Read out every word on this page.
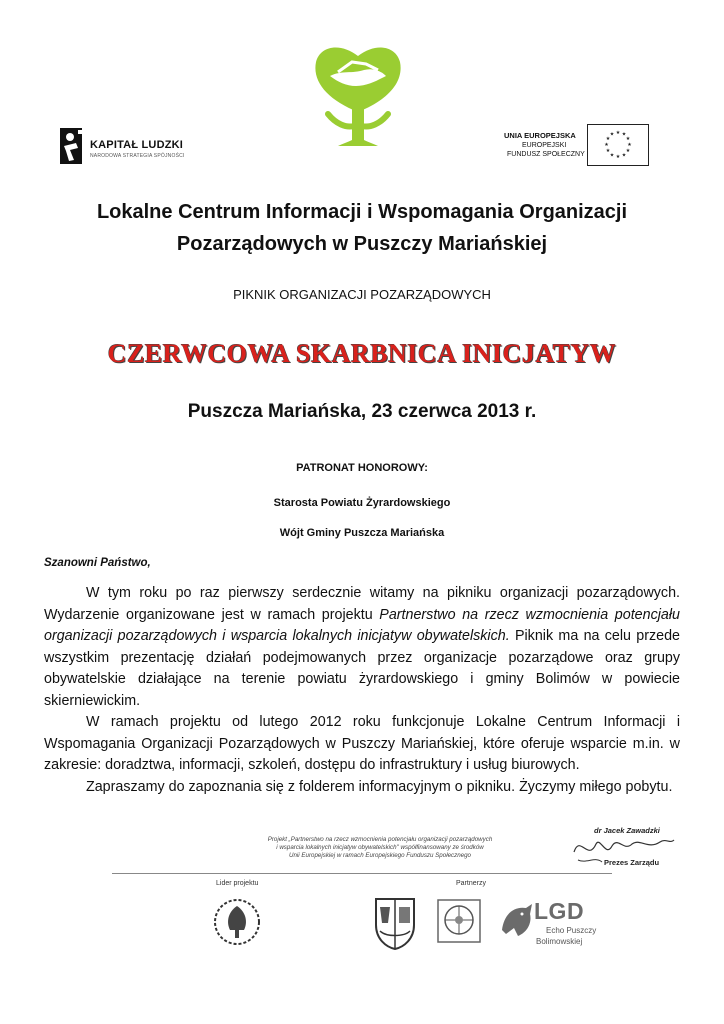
KAPITAŁ LUDZKI
NARODOWA STRATEGIA SPÓJNOŚCI
UNIA EUROPEJSKA
EUROPEJSKI
FUNDUSZ SPOŁECZNY
★ ★
★
★
★
★
★
★
★
★
★
★
Lokalne Centrum Informacji i Wspomagania Organizacji
Pozarządowych w Puszczy Mariańskiej
PIKNIK ORGANIZACJI POZARZĄDOWYCH
CZERWCOWA SKARBNICA INICJATYW
Puszcza Mariańska, 23 czerwca 2013 r.
PATRONAT HONOROWY:
Starosta Powiatu Żyrardowskiego
Wójt Gminy Puszcza Mariańska
Szanowni Państwo,

W tym roku po raz pierwszy serdecznie witamy na pikniku organizacji pozarządowych. Wydarzenie organizowane jest w ramach projektu Partnerstwo na rzecz wzmocnienia potencjału organizacji pozarządowych i wsparcia lokalnych inicjatyw obywatelskich. Piknik ma na celu przede wszystkim prezentację działań podejmowanych przez organizacje pozarządowe oraz grupy obywatelskie działające na terenie powiatu żyrardowskiego i gminy Bolimów w powiecie skierniewickim.

W ramach projektu od lutego 2012 roku funkcjonuje Lokalne Centrum Informacji i Wspomagania Organizacji Pozarządowych w Puszczy Mariańskiej, które oferuje wsparcie m.in. w zakresie: doradztwa, informacji, szkoleń, dostępu do infrastruktury i usług biurowych.

Zapraszamy do zapoznania się z folderem informacyjnym o pikniku. Życzymy miłego pobytu.

dr Jacek Zawadzki
Prezes Zarządu
Projekt „Partnerstwo na rzecz wzmocnienia potencjału organizacji pozarządowych
i wsparcia lokalnych inicjatyw obywatelskich" współfinansowany ze środków
Unii Europejskiej w ramach Europejskiego Funduszu Społecznego
Lider projektu	Partnerzy
LGD
Echo Puszczy
Bolimowskiej
